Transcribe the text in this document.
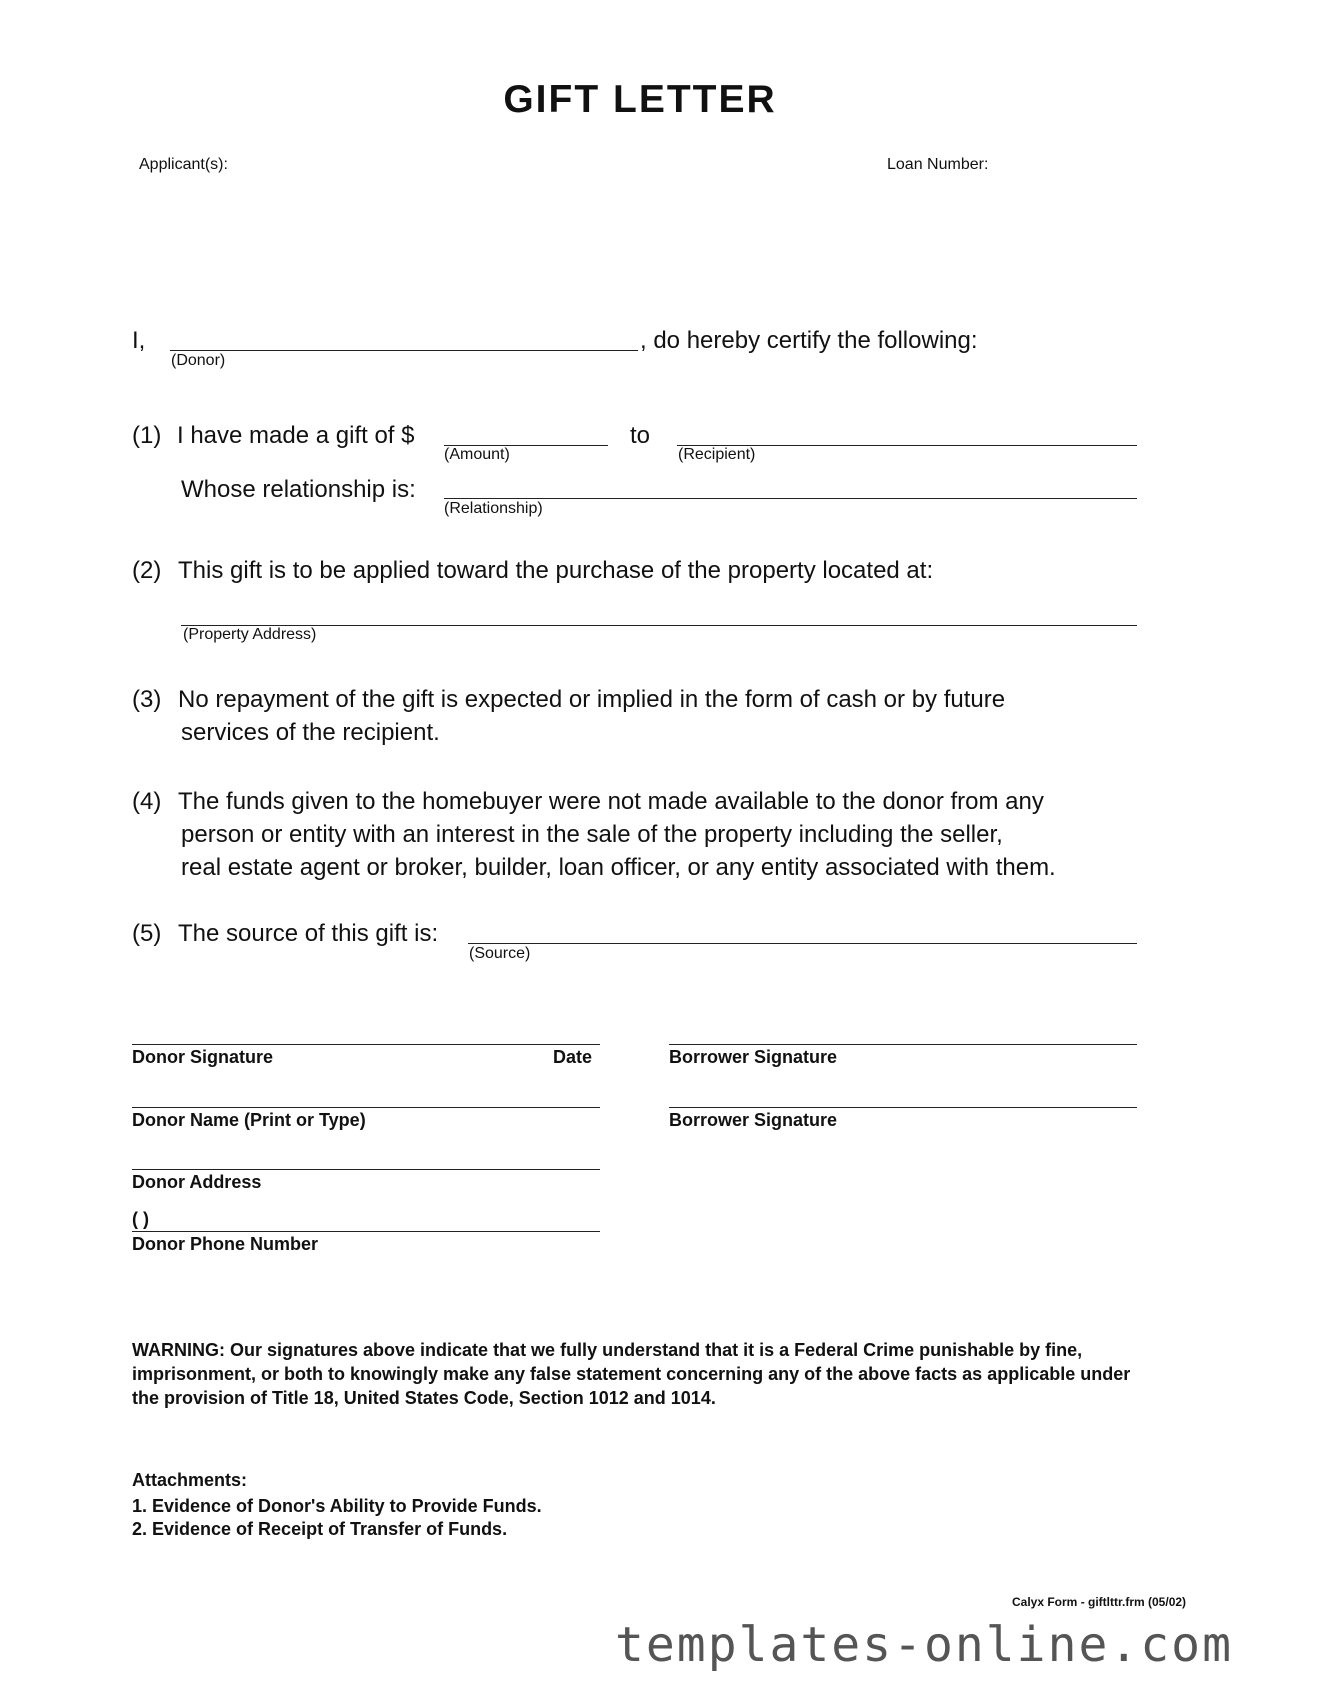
GIFT LETTER
Applicant(s):	Loan Number:
I,	, do hereby certify the following:
(Donor)
(1) I have made a gift of $
(Amount)
to
(Recipient)
Whose relationship is:
(Relationship)
(2) This gift is to be applied toward the purchase of the property located at:
(Property Address)
(3) No repayment of the gift is expected or implied in the form of cash or by future
services of the recipient.
(4) The funds given to the homebuyer were not made available to the donor from any
person or entity with an interest in the sale of the property including the seller,
real estate agent or broker, builder, loan officer, or any entity associated with them.
(5) The source of this gift is:
(Source)
Donor Signature	Date	Borrower Signature
Donor Name (Print or Type)	Borrower Signature
Donor Address
( )
Donor Phone Number
WARNING: Our signatures above indicate that we fully understand that it is a Federal Crime punishable by fine, imprisonment, or both to knowingly make any false statement concerning any of the above facts as applicable under the provision of Title 18, United States Code, Section 1012 and 1014.
Attachments:
1. Evidence of Donor's Ability to Provide Funds.
2. Evidence of Receipt of Transfer of Funds.
Calyx Form - giftlttr.frm (05/02)
templates-online.com
